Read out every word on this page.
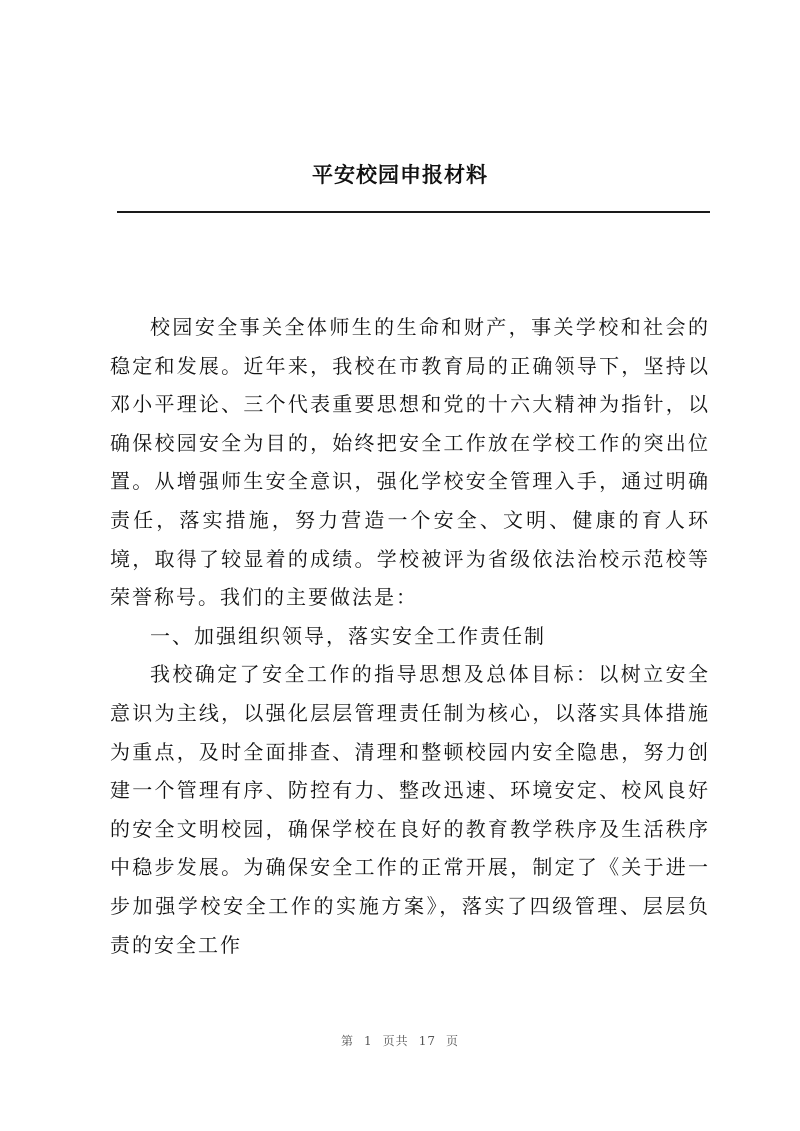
平安校园申报材料

校园安全事关全体师生的生命和财产，事关学校和社会的稳定和发展。近年来，我校在市教育局的正确领导下，坚持以邓小平理论、三个代表重要思想和党的十六大精神为指针，以确保校园安全为目的，始终把安全工作放在学校工作的突出位置。从增强师生安全意识，强化学校安全管理入手，通过明确责任，落实措施，努力营造一个安全、文明、健康的育人环境，取得了较显着的成绩。学校被评为省级依法治校示范校等荣誉称号。我们的主要做法是：

一、加强组织领导，落实安全工作责任制

我校确定了安全工作的指导思想及总体目标：以树立安全意识为主线，以强化层层管理责任制为核心，以落实具体措施为重点，及时全面排查、清理和整顿校园内安全隐患，努力创建一个管理有序、防控有力、整改迅速、环境安定、校风良好的安全文明校园，确保学校在良好的教育教学秩序及生活秩序中稳步发展。为确保安全工作的正常开展，制定了《关于进一步加强学校安全工作的实施方案》，落实了四级管理、层层负责的安全工作

第 1 页共 17 页
